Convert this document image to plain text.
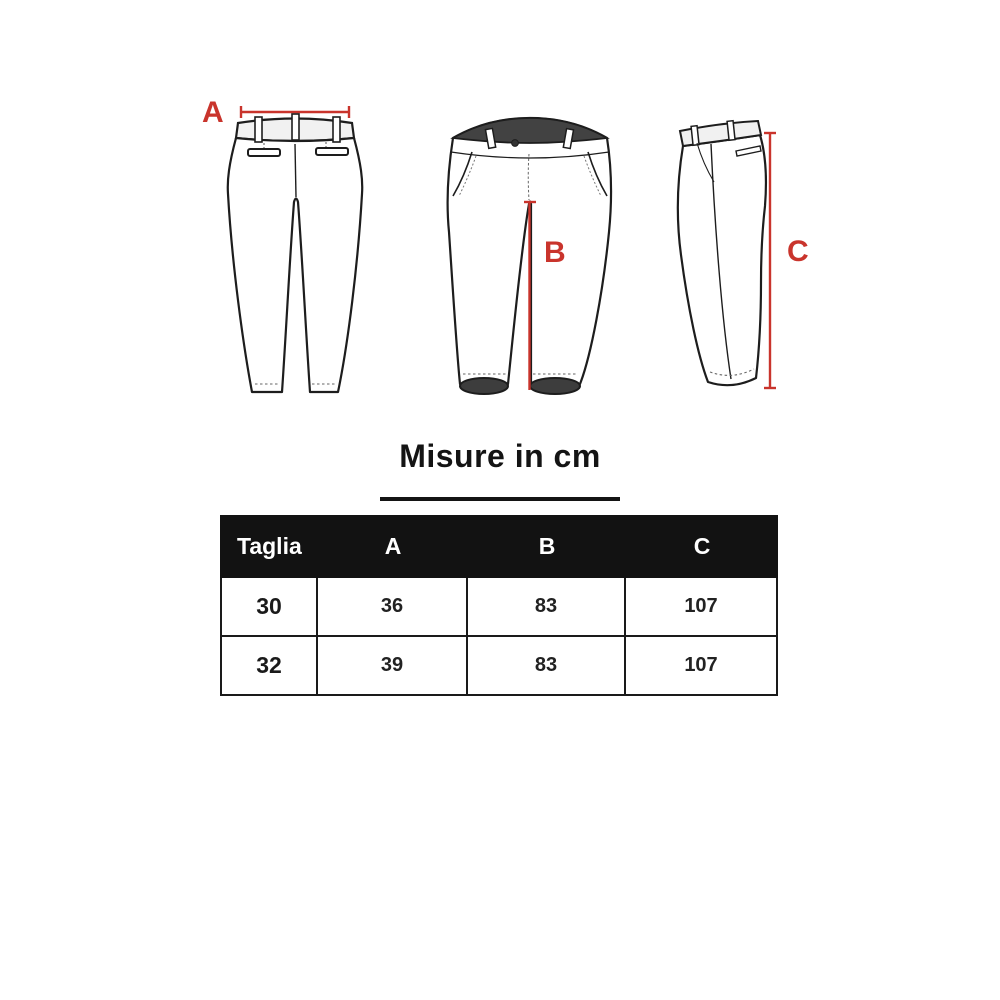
A
B	C
Misure in cm
Taglia	A	B	C
30	36	83	107
32	39	83	107
